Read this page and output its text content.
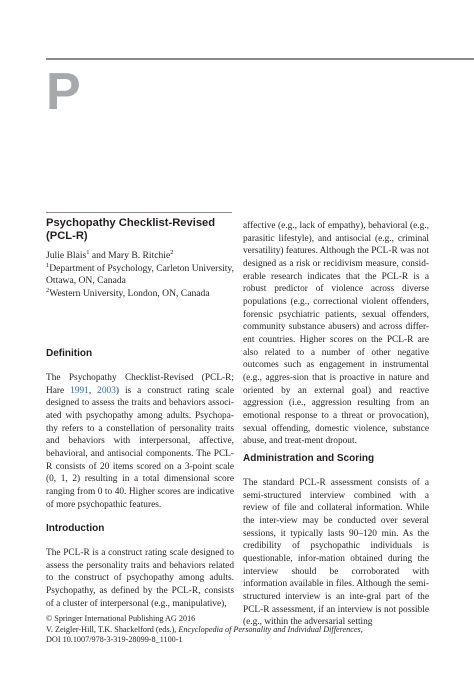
P
Psychopathy Checklist-Revised (PCL-R)

Julie Blais$^1$ and Mary B. Ritchie$^2$

$^1$Department of Psychology, Carleton University, Ottawa, ON, Canada

$^2$Western University, London, ON, Canada

Definition

The Psychopathy Checklist-Revised (PCL-R; Hare 1991, 2003) is a construct rating scale designed to assess the traits and behaviors associ-ated with psychopathy among adults. Psychopa-thy refers to a constellation of personality traits and behaviors with interpersonal, affective, behavioral, and antisocial components. The PCL-R consists of 20 items scored on a 3-point scale (0, 1, 2) resulting in a total dimensional score ranging from 0 to 40. Higher scores are indicative of more psychopathic features.

Introduction
The PCL-R is a construct rating scale designed to assess the personality traits and behaviors related to the construct of psychopathy among adults. Psychopathy, as defined by the PCL-R, consists of a cluster of interpersonal (e.g., manipulative),
affective (e.g., lack of empathy), behavioral (e.g., parasitic lifestyle), and antisocial (e.g., criminal versatility) features. Although the PCL-R was not designed as a risk or recidivism measure, consid-erable research indicates that the PCL-R is a robust predictor of violence across diverse populations (e.g., correctional violent offenders, forensic psychiatric patients, sexual offenders, community substance abusers) and across differ-ent countries. Higher scores on the PCL-R are also related to a number of other negative outcomes such as engagement in instrumental (e.g., aggres-sion that is proactive in nature and oriented by an external goal) and reactive aggression (i.e., aggression resulting from an emotional response to a threat or provocation), sexual offending, domestic violence, substance abuse, and treat-ment dropout.
Administration and Scoring
The standard PCL-R assessment consists of a semi-structured interview combined with a review of file and collateral information. While the inter-view may be conducted over several sessions, it typically lasts 90–120 min. As the credibility of psychopathic individuals is questionable, infor-mation obtained during the interview should be corroborated with information available in files. Although the semi-structured interview is an inte-gral part of the PCL-R assessment, if an interview is not possible (e.g., within the adversarial setting

© Springer International Publishing AG 2016

V. Zeigler-Hill, T.K. Shackelford (eds.), Encyclopedia of Personality and Individual Differences,

DOI 10.1007/978-3-319-28099-8_1100-1
